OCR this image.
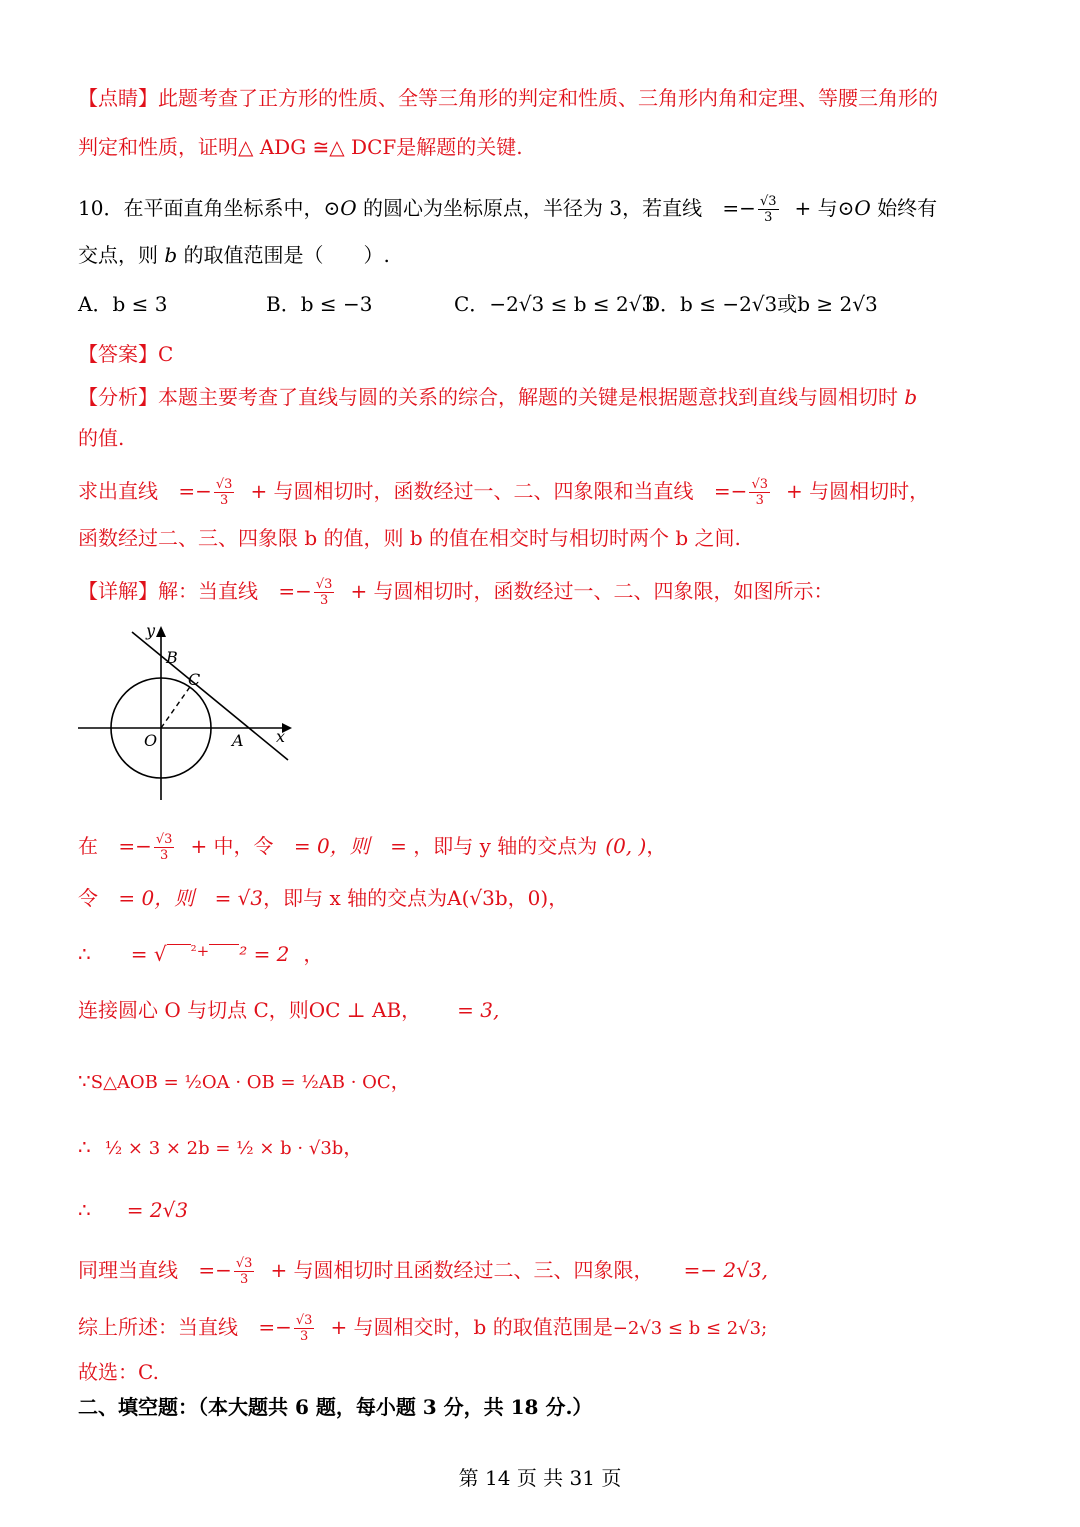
【点睛】此题考查了正方形的性质、全等三角形的判定和性质、三角形内角和定理、等腰三角形的
判定和性质，证明△ ADG ≅△ DCF是解题的关键.
10．在平面直角坐标系中，⊙O 的圆心为坐标原点，半径为 3，若直线 =− $\frac{√3}{3}$ + 与⊙O 始终有
交点，则 b 的取值范围是（　　）.
A．b ≤ 3	B．b ≤ −3	C．−2√3 ≤ b ≤ 2√3
D．b ≤ −2√3或b ≥ 2√3
【答案】C
【分析】本题主要考查了直线与圆的关系的综合，解题的关键是根据题意找到直线与圆相切时 b
的值.
求出直线 =− $\frac{√3}{3}$ + 与圆相切时，函数经过一、二、四象限和当直线 =− $\frac{√3}{3}$ + 与圆相切时，
函数经过二、三、四象限 b 的值，则 b 的值在相交时与相切时两个 b 之间.
【详解】解：当直线 =− $\frac{√3}{3}$ + 与圆相切时，函数经过一、二、四象限，如图所示：
y
x
O	A
B
C
在 =− $\frac{√3}{3}$ + 中，令 = 0，则 = ，即与 y 轴的交点为 (0, )，
令 = 0，则 = √3，即与 x 轴的交点为A(√3b，0)，
∴ = √ $^{^2+}$ ² = 2 ，
连接圆心 O 与切点 C，则OC ⊥ AB， = 3,
∵S△AOB = ½OA · OB = ½AB · OC，
∴ ½ × 3 × 2b = ½ × b · √3b，
∴ = 2√3
同理当直线 =− $\frac{√3}{3}$ + 与圆相切时且函数经过二、三、四象限， =− 2√3,
综上所述：当直线 =− $\frac{√3}{3}$ + 与圆相交时，b 的取值范围是−2√3 ≤ b ≤ 2√3;
故选：C.
二、填空题：（本大题共 6 题，每小题 3 分，共 18 分.）
第 14 页 共 31 页
